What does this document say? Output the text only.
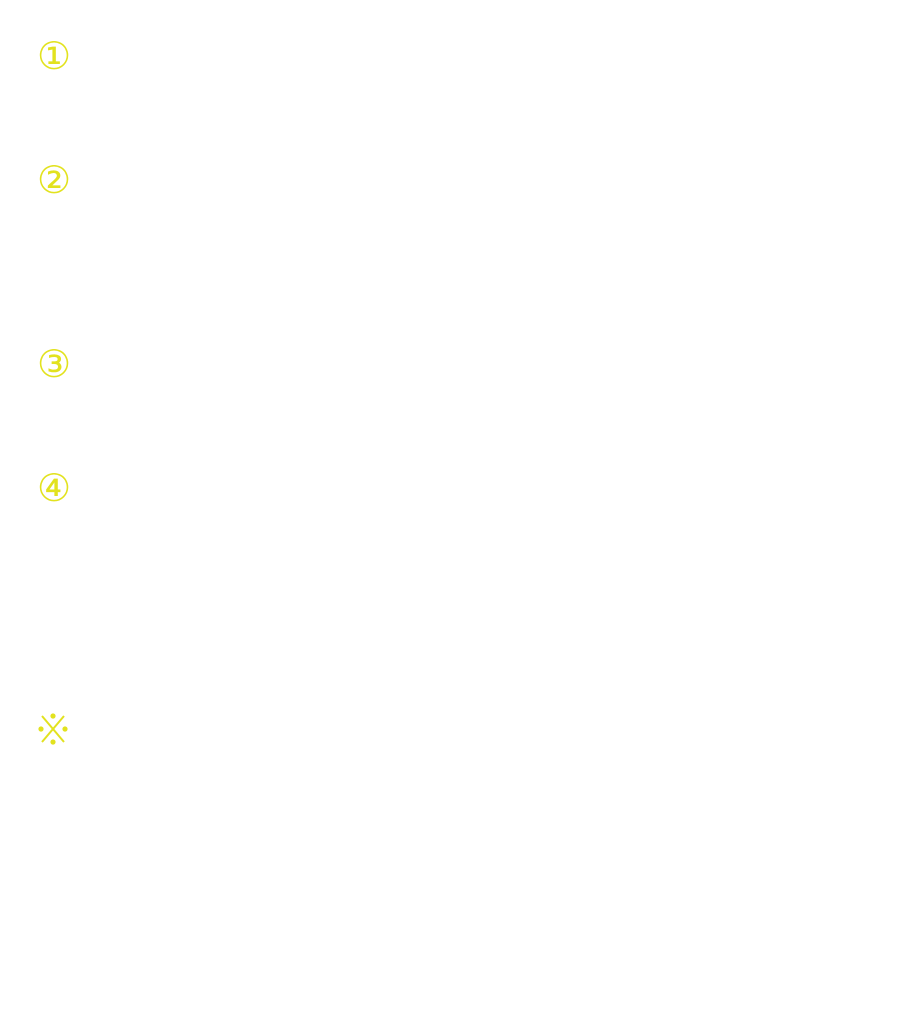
①
②
③
④
